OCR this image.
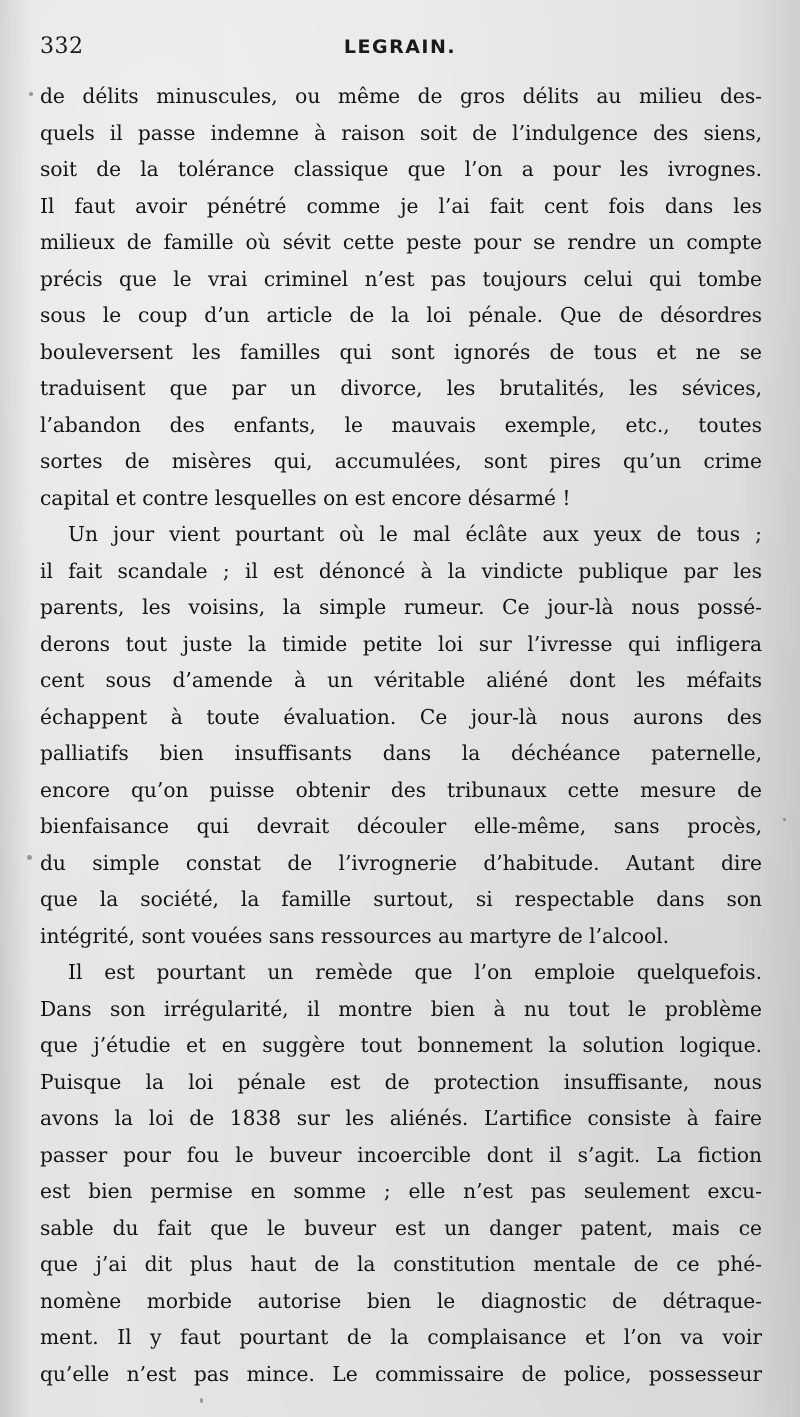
332	LEGRAIN.
de délits minuscules, ou même de gros délits au milieu des-
quels il passe indemne à raison soit de l’indulgence des siens,
soit de la tolérance classique que l’on a pour les ivrognes.
Il faut avoir pénétré comme je l’ai fait cent fois dans les
milieux de famille où sévit cette peste pour se rendre un compte
précis que le vrai criminel n’est pas toujours celui qui tombe
sous le coup d’un article de la loi pénale. Que de désordres
bouleversent les familles qui sont ignorés de tous et ne se
traduisent que par un divorce, les brutalités, les sévices,
l’abandon des enfants, le mauvais exemple, etc., toutes
sortes de misères qui, accumulées, sont pires qu’un crime
capital et contre lesquelles on est encore désarmé !
Un jour vient pourtant où le mal éclâte aux yeux de tous ;
il fait scandale ; il est dénoncé à la vindicte publique par les
parents, les voisins, la simple rumeur. Ce jour-là nous possé-
derons tout juste la timide petite loi sur l’ivresse qui infligera
cent sous d’amende à un véritable aliéné dont les méfaits
échappent à toute évaluation. Ce jour-là nous aurons des
palliatifs bien insuffisants dans la déchéance paternelle,
encore qu’on puisse obtenir des tribunaux cette mesure de
bienfaisance qui devrait découler elle-même, sans procès,
du simple constat de l’ivrognerie d’habitude. Autant dire
que la société, la famille surtout, si respectable dans son
intégrité, sont vouées sans ressources au martyre de l’alcool.
Il est pourtant un remède que l’on emploie quelquefois.
Dans son irrégularité, il montre bien à nu tout le problème
que j’étudie et en suggère tout bonnement la solution logique.
Puisque la loi pénale est de protection insuffisante, nous
avons la loi de 1838 sur les aliénés. L’artifice consiste à faire
passer pour fou le buveur incoercible dont il s’agit. La fiction
est bien permise en somme ; elle n’est pas seulement excu-
sable du fait que le buveur est un danger patent, mais ce
que j’ai dit plus haut de la constitution mentale de ce phé-
nomène morbide autorise bien le diagnostic de détraque-
ment. Il y faut pourtant de la complaisance et l’on va voir
qu’elle n’est pas mince. Le commissaire de police, possesseur
